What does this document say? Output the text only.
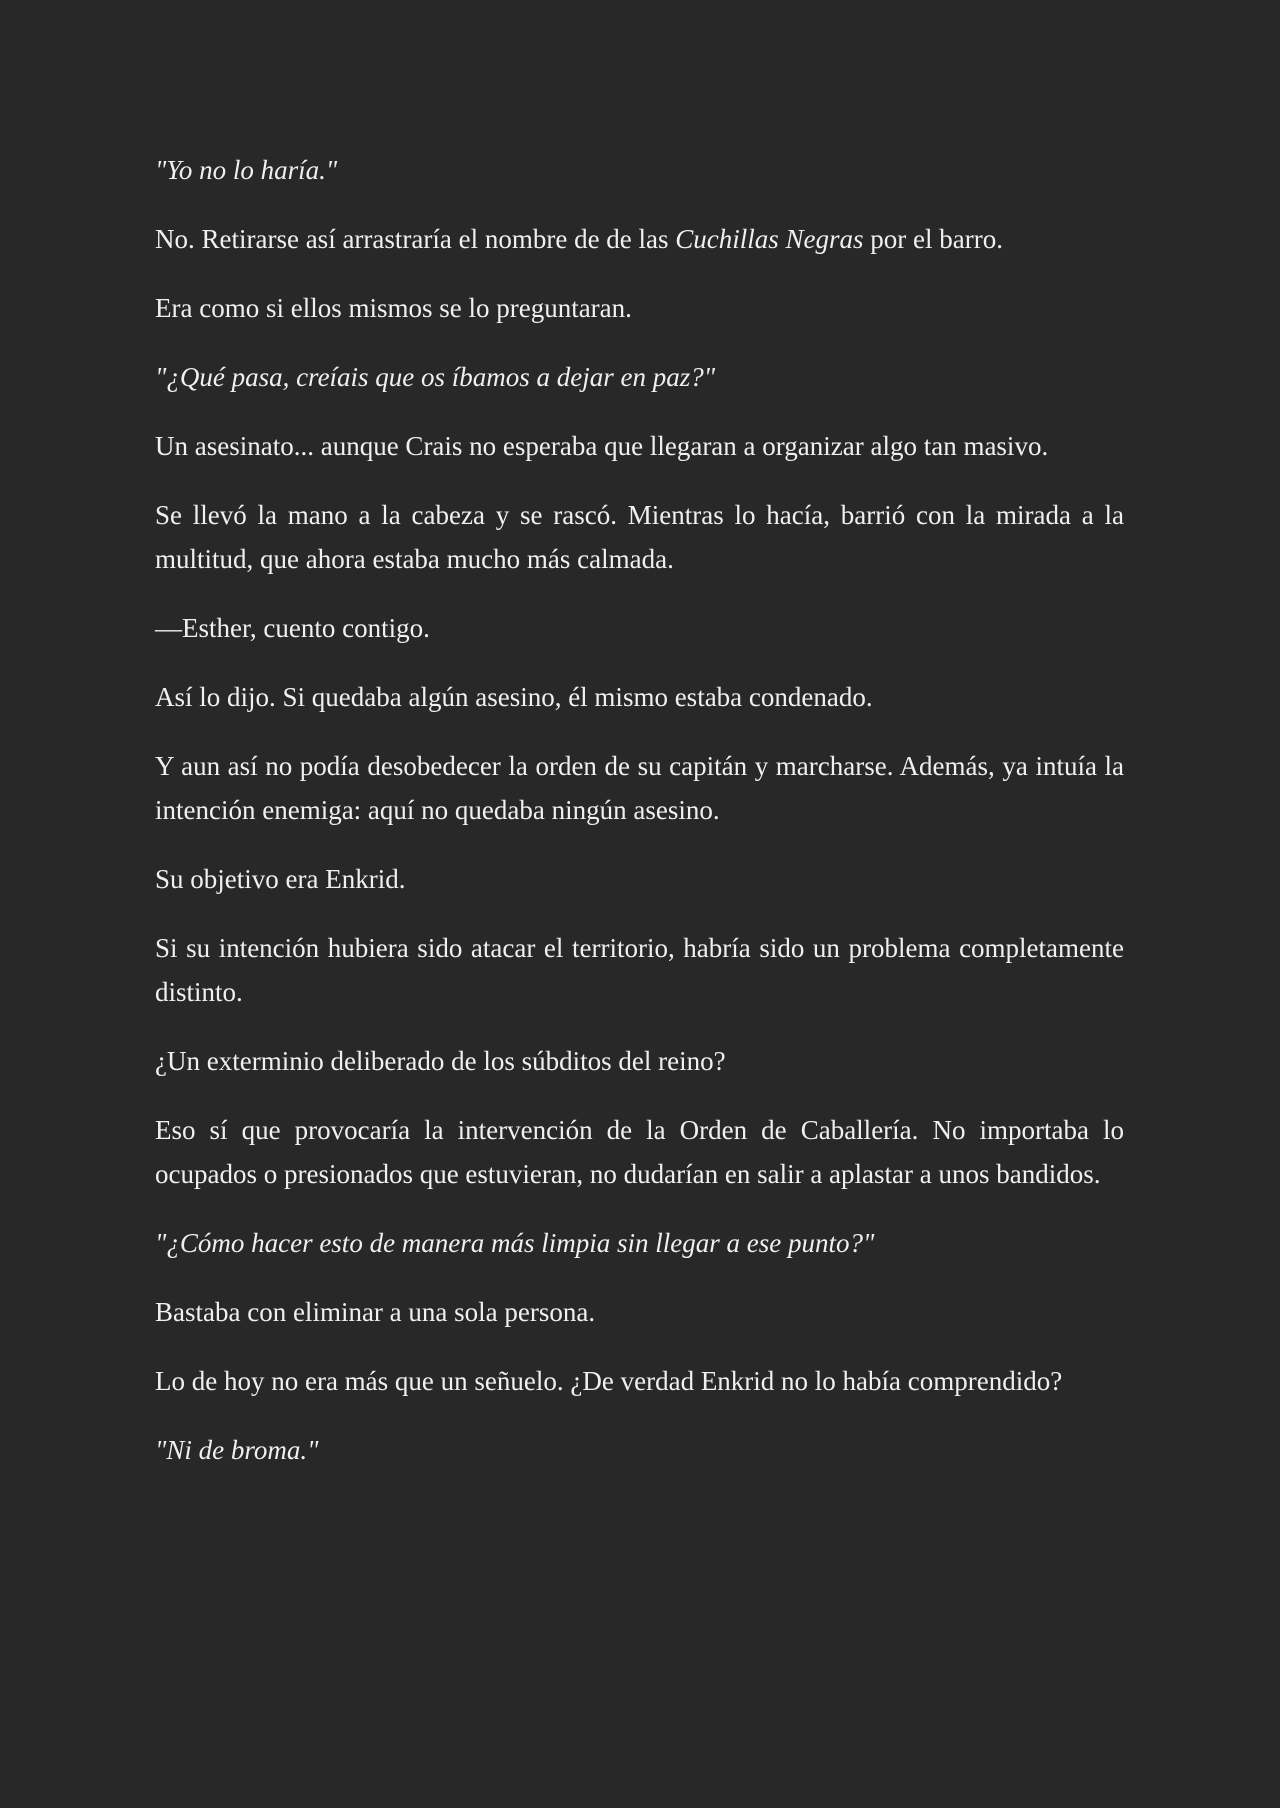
"Yo no lo haría."

No. Retirarse así arrastraría el nombre de de las Cuchillas Negras por el barro.

Era como si ellos mismos se lo preguntaran.

"¿Qué pasa, creíais que os íbamos a dejar en paz?"

Un asesinato... aunque Crais no esperaba que llegaran a organizar algo tan masivo.

Se llevó la mano a la cabeza y se rascó. Mientras lo hacía, barrió con la mirada a la multitud, que ahora estaba mucho más calmada.

—Esther, cuento contigo.

Así lo dijo. Si quedaba algún asesino, él mismo estaba condenado.

Y aun así no podía desobedecer la orden de su capitán y marcharse. Además, ya intuía la intención enemiga: aquí no quedaba ningún asesino.

Su objetivo era Enkrid.

Si su intención hubiera sido atacar el territorio, habría sido un problema completamente distinto.

¿Un exterminio deliberado de los súbditos del reino?

Eso sí que provocaría la intervención de la Orden de Caballería. No importaba lo ocupados o presionados que estuvieran, no dudarían en salir a aplastar a unos bandidos.

"¿Cómo hacer esto de manera más limpia sin llegar a ese punto?"

Bastaba con eliminar a una sola persona.

Lo de hoy no era más que un señuelo. ¿De verdad Enkrid no lo había comprendido?

"Ni de broma."
